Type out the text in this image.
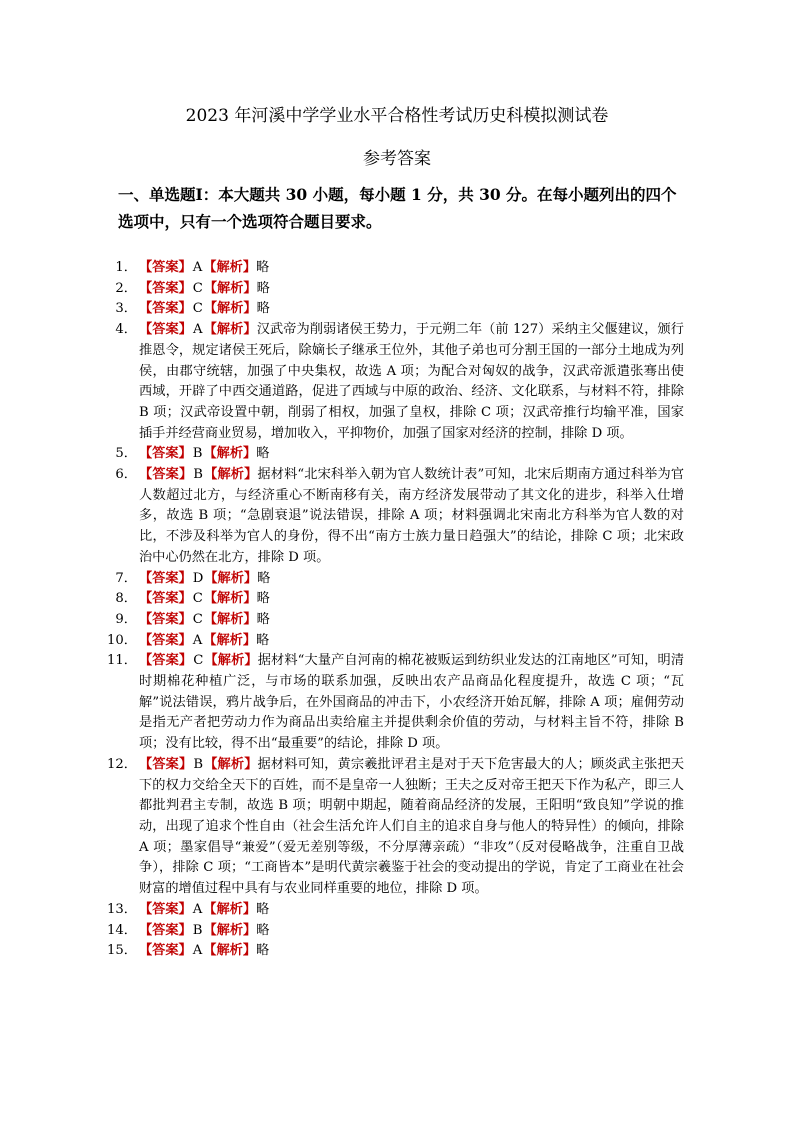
2023 年河溪中学学业水平合格性考试历史科模拟测试卷
参考答案
一、单选题Ⅰ：本大题共 30 小题，每小题 1 分，共 30 分。在每小题列出的四个选项中，只有一个选项符合题目要求。
1． 【答案】A【解析】略
2． 【答案】C【解析】略
3． 【答案】C【解析】略
4． 【答案】A【解析】汉武帝为削弱诸侯王势力，于元朔二年（前 127）采纳主父偃建议，颁行推恩令，规定诸侯王死后，除嫡长子继承王位外，其他子弟也可分割王国的一部分土地成为列侯，由郡守统辖，加强了中央集权，故选 A 项；为配合对匈奴的战争，汉武帝派遣张骞出使西域，开辟了中西交通道路，促进了西域与中原的政治、经济、文化联系，与材料不符，排除 B 项；汉武帝设置中朝，削弱了相权，加强了皇权，排除 C 项；汉武帝推行均输平准，国家插手并经营商业贸易，增加收入，平抑物价，加强了国家对经济的控制，排除 D 项。
5． 【答案】B【解析】略
6． 【答案】B【解析】据材料“北宋科举入朝为官人数统计表”可知，北宋后期南方通过科举为官人数超过北方，与经济重心不断南移有关，南方经济发展带动了其文化的进步，科举入仕增多，故选 B 项；“急剧衰退”说法错误，排除 A 项；材料强调北宋南北方科举为官人数的对比，不涉及科举为官人的身份，得不出“南方士族力量日趋强大”的结论，排除 C 项；北宋政治中心仍然在北方，排除 D 项。
7． 【答案】D【解析】略
8． 【答案】C【解析】略
9． 【答案】C【解析】略
10． 【答案】A【解析】略
11． 【答案】C【解析】据材料“大量产自河南的棉花被贩运到纺织业发达的江南地区”可知，明清时期棉花种植广泛，与市场的联系加强，反映出农产品商品化程度提升，故选 C 项；“瓦解”说法错误，鸦片战争后，在外国商品的冲击下，小农经济开始瓦解，排除 A 项；雇佣劳动是指无产者把劳动力作为商品出卖给雇主并提供剩余价值的劳动，与材料主旨不符，排除 B 项；没有比较，得不出“最重要”的结论，排除 D 项。
12． 【答案】B【解析】据材料可知，黄宗羲批评君主是对于天下危害最大的人；顾炎武主张把天下的权力交给全天下的百姓，而不是皇帝一人独断；王夫之反对帝王把天下作为私产，即三人都批判君主专制，故选 B 项；明朝中期起，随着商品经济的发展，王阳明“致良知”学说的推动，出现了追求个性自由（社会生活允许人们自主的追求自身与他人的特异性）的倾向，排除 A 项；墨家倡导“兼爱”（爱无差别等级，不分厚薄亲疏）“非攻”（反对侵略战争，注重自卫战争），排除 C 项；“工商皆本”是明代黄宗羲鉴于社会的变动提出的学说，肯定了工商业在社会财富的增值过程中具有与农业同样重要的地位，排除 D 项。
13． 【答案】A【解析】略
14． 【答案】B【解析】略
15． 【答案】A【解析】略
